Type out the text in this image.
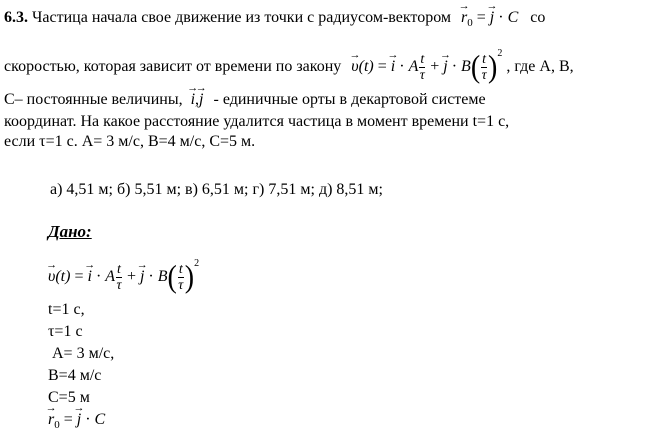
6.3. Частица начала свое движение из точки с радиусом-вектором → $r_0$ = → j · C со
скоростью, которая зависит от времени по закону → υ(t) = → i · A $\frac{t}{\tau}$ + → $j \cdot B( \frac{t}{\tau} )^2$ , где А, В,
С– постоянные величины, → i,→ j - единичные орты в декартовой системе
координат. На какое расстояние удалится частица в момент времени t=1 с,
если τ=1 с. А= 3 м/с, В=4 м/с, С=5 м.
а) 4,51 м; б) 5,51 м; в) 6,51 м; г) 7,51 м; д) 8,51 м;
Дано:
→ υ(t) = → i · A $\frac{t}{\tau}$ + → $j \cdot B( \frac{t}{\tau} )^2$
t=1 с,
τ=1 с
А= 3 м/с,
В=4 м/с
С=5 м
→ $r_0$ = → j · C
